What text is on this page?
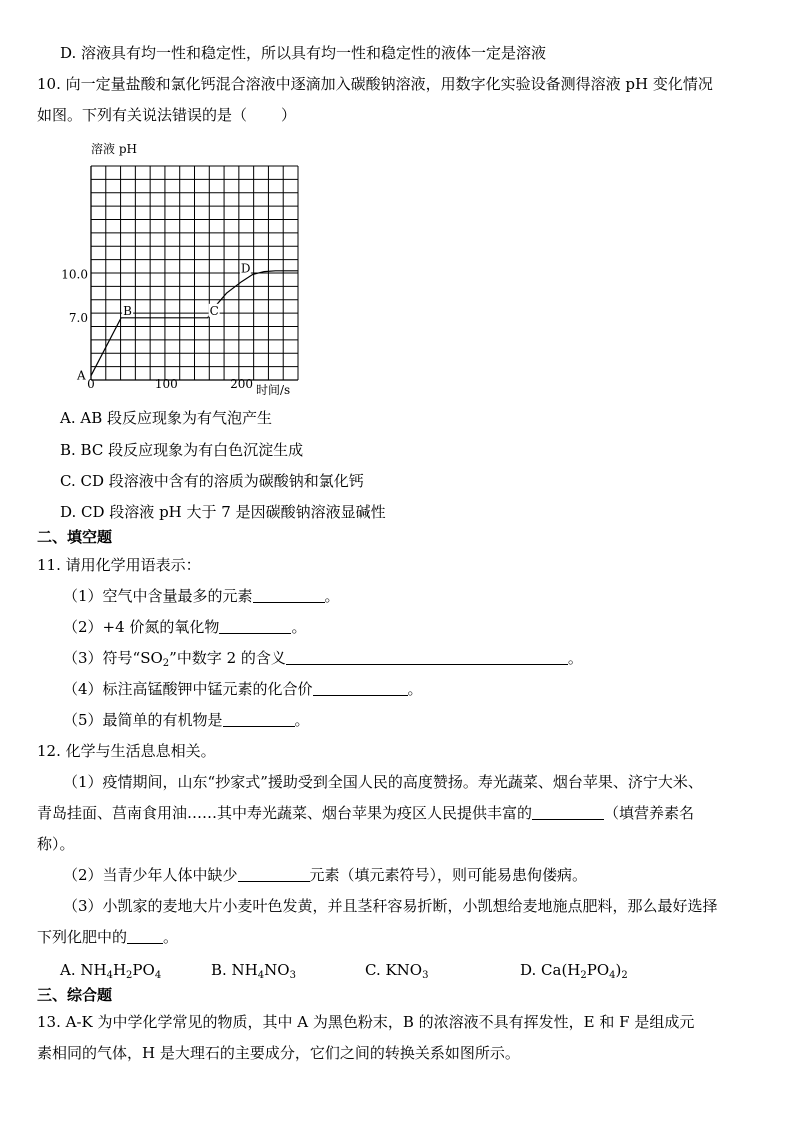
D. 溶液具有均一性和稳定性，所以具有均一性和稳定性的液体一定是溶液
10. 向一定量盐酸和氯化钙混合溶液中逐滴加入碳酸钠溶液，用数字化实验设备测得溶液 pH 变化情况
如图。下列有关说法错误的是（ ）
溶液 pH
时间/s
0	100	200
7.0
10.0
A
B	C
D
A. AB 段反应现象为有气泡产生
B. BC 段反应现象为有白色沉淀生成
C. CD 段溶液中含有的溶质为碳酸钠和氯化钙
D. CD 段溶液 pH 大于 7 是因碳酸钠溶液显碱性
二、填空题
11. 请用化学用语表示：
（1）空气中含量最多的元素	。
（2）+4 价氮的氧化物	。
（3）符号“$SO_2$”中数字 2 的含义	。
（4）标注高锰酸钾中锰元素的化合价	。
（5）最简单的有机物是	。
12. 化学与生活息息相关。
（1）疫情期间，山东“抄家式”援助受到全国人民的高度赞扬。寿光蔬菜、烟台苹果、济宁大米、
青岛挂面、莒南食用油……其中寿光蔬菜、烟台苹果为疫区人民提供丰富的	（填营养素名
称）。
（2）当青少年人体中缺少	元素（填元素符号），则可能易患佝偻病。
（3）小凯家的麦地大片小麦叶色发黄，并且茎秆容易折断，小凯想给麦地施点肥料，那么最好选择
下列化肥中的 。
A. $NH_4H_2PO_4$	B. $NH_4NO_3$	C. $KNO_3$	D. $Ca(H_2PO_4)_2$
三、综合题
13. A-K 为中学化学常见的物质，其中 A 为黑色粉末，B 的浓溶液不具有挥发性，E 和 F 是组成元
素相同的气体，H 是大理石的主要成分，它们之间的转换关系如图所示。
